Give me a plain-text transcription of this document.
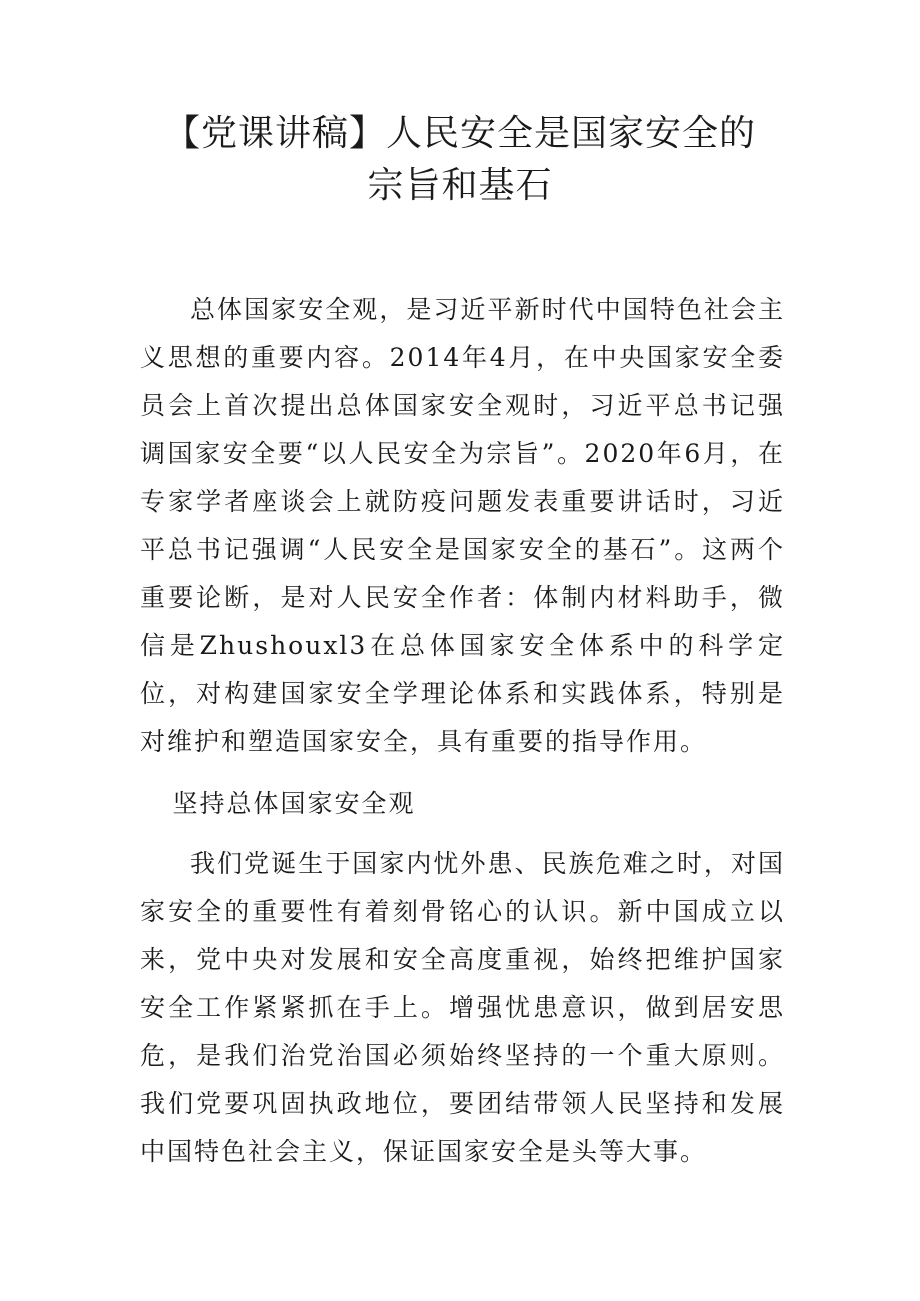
【党课讲稿】人民安全是国家安全的宗旨和基石

总体国家安全观，是习近平新时代中国特色社会主义思想的重要内容。2014年4月，在中央国家安全委员会上首次提出总体国家安全观时，习近平总书记强调国家安全要“以人民安全为宗旨”。2020年6月，在专家学者座谈会上就防疫问题发表重要讲话时，习近平总书记强调“人民安全是国家安全的基石”。这两个重要论断，是对人民安全作者：体制内材料助手，微信是Zhushouxl3在总体国家安全体系中的科学定位，对构建国家安全学理论体系和实践体系，特别是对维护和塑造国家安全，具有重要的指导作用。

坚持总体国家安全观

我们党诞生于国家内忧外患、民族危难之时，对国家安全的重要性有着刻骨铭心的认识。新中国成立以来，党中央对发展和安全高度重视，始终把维护国家安全工作紧紧抓在手上。增强忧患意识，做到居安思危，是我们治党治国必须始终坚持的一个重大原则。我们党要巩固执政地位，要团结带领人民坚持和发展中国特色社会主义，保证国家安全是头等大事。
